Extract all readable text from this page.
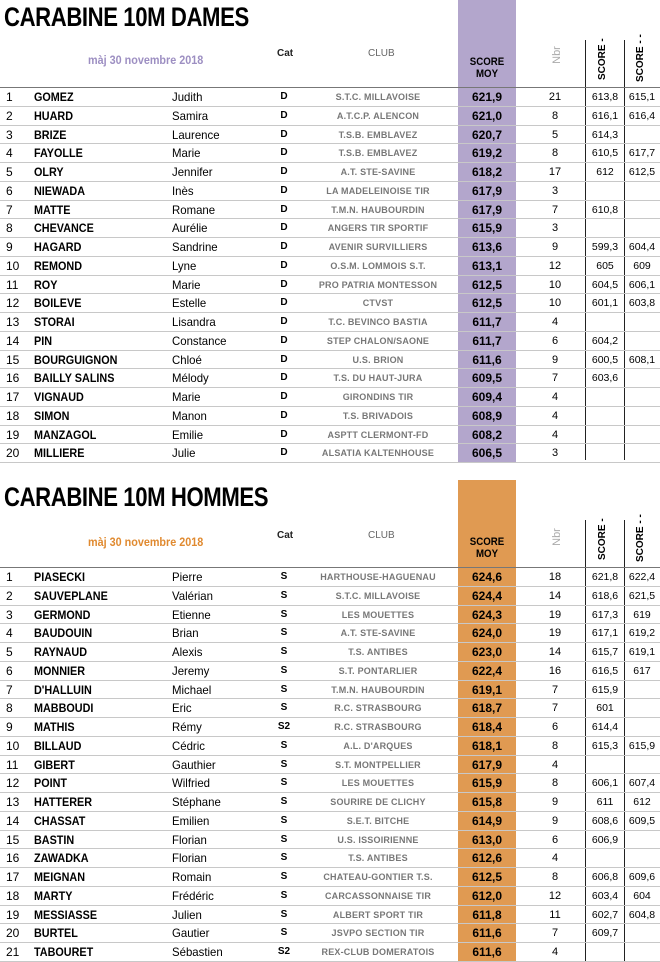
CARABINE 10M DAMES
màj 30 novembre 2018	Cat	CLUB
SCORE MOY
Nbr	SCORE -	SCORE - -
1	GOMEZ	Judith	D	S.T.C. MILLAVOISE	621,9	21	613,8	615,1
2	HUARD	Samira	D	A.T.C.P. ALENCON	621,0	8	616,1	616,4
3	BRIZE	Laurence	D	T.S.B. EMBLAVEZ	620,7	5	614,3
4	FAYOLLE	Marie	D	T.S.B. EMBLAVEZ	619,2	8	610,5	617,7
5	OLRY	Jennifer	D	A.T. STE-SAVINE	618,2	17	612	612,5
6	NIEWADA	Inès	D	LA MADELEINOISE TIR	617,9	3
7	MATTE	Romane	D	T.M.N. HAUBOURDIN	617,9	7	610,8
8	CHEVANCE	Aurélie	D	ANGERS TIR SPORTIF	615,9	3
9	HAGARD	Sandrine	D	AVENIR SURVILLIERS	613,6	9	599,3	604,4
10	REMOND	Lyne	D	O.S.M. LOMMOIS S.T.	613,1	12	605	609
11	ROY	Marie	D	PRO PATRIA MONTESSON	612,5	10	604,5	606,1
12	BOILEVE	Estelle	D	CTVST	612,5	10	601,1	603,8
13	STORAI	Lisandra	D	T.C. BEVINCO BASTIA	611,7	4
14	PIN	Constance	D	STEP CHALON/SAONE	611,7	6	604,2
15	BOURGUIGNON	Chloé	D	U.S. BRION	611,6	9	600,5	608,1
16	BAILLY SALINS	Mélody	D	T.S. DU HAUT-JURA	609,5	7	603,6
17	VIGNAUD	Marie	D	GIRONDINS TIR	609,4	4
18	SIMON	Manon	D	T.S. BRIVADOIS	608,9	4
19	MANZAGOL	Emilie	D	ASPTT CLERMONT-FD	608,2	4
20	MILLIERE	Julie	D	ALSATIA KALTENHOUSE	606,5	3
CARABINE 10M HOMMES
màj 30 novembre 2018	Cat	CLUB
SCORE MOY
Nbr	SCORE -	SCORE - -
1	PIASECKI	Pierre	S	HARTHOUSE-HAGUENAU	624,6	18	621,8	622,4
2	SAUVEPLANE	Valérian	S	S.T.C. MILLAVOISE	624,4	14	618,6	621,5
3	GERMOND	Etienne	S	LES MOUETTES	624,3	19	617,3	619
4	BAUDOUIN	Brian	S	A.T. STE-SAVINE	624,0	19	617,1	619,2
5	RAYNAUD	Alexis	S	T.S. ANTIBES	623,0	14	615,7	619,1
6	MONNIER	Jeremy	S	S.T. PONTARLIER	622,4	16	616,5	617
7	D'HALLUIN	Michael	S	T.M.N. HAUBOURDIN	619,1	7	615,9
8	MABBOUDI	Eric	S	R.C. STRASBOURG	618,7	7	601
9	MATHIS	Rémy	S2	R.C. STRASBOURG	618,4	6	614,4
10	BILLAUD	Cédric	S	A.L. D'ARQUES	618,1	8	615,3	615,9
11	GIBERT	Gauthier	S	S.T. MONTPELLIER	617,9	4
12	POINT	Wilfried	S	LES MOUETTES	615,9	8	606,1	607,4
13	HATTERER	Stéphane	S	SOURIRE DE CLICHY	615,8	9	611	612
14	CHASSAT	Emilien	S	S.E.T. BITCHE	614,9	9	608,6	609,5
15	BASTIN	Florian	S	U.S. ISSOIRIENNE	613,0	6	606,9
16	ZAWADKA	Florian	S	T.S. ANTIBES	612,6	4
17	MEIGNAN	Romain	S	CHATEAU-GONTIER T.S.	612,5	8	606,8	609,6
18	MARTY	Frédéric	S	CARCASSONNAISE TIR	612,0	12	603,4	604
19	MESSIASSE	Julien	S	ALBERT SPORT TIR	611,8	11	602,7	604,8
20	BURTEL	Gautier	S	JSVPO SECTION TIR	611,6	7	609,7
21	TABOURET	Sébastien	S2	REX-CLUB DOMERATOIS	611,6	4
